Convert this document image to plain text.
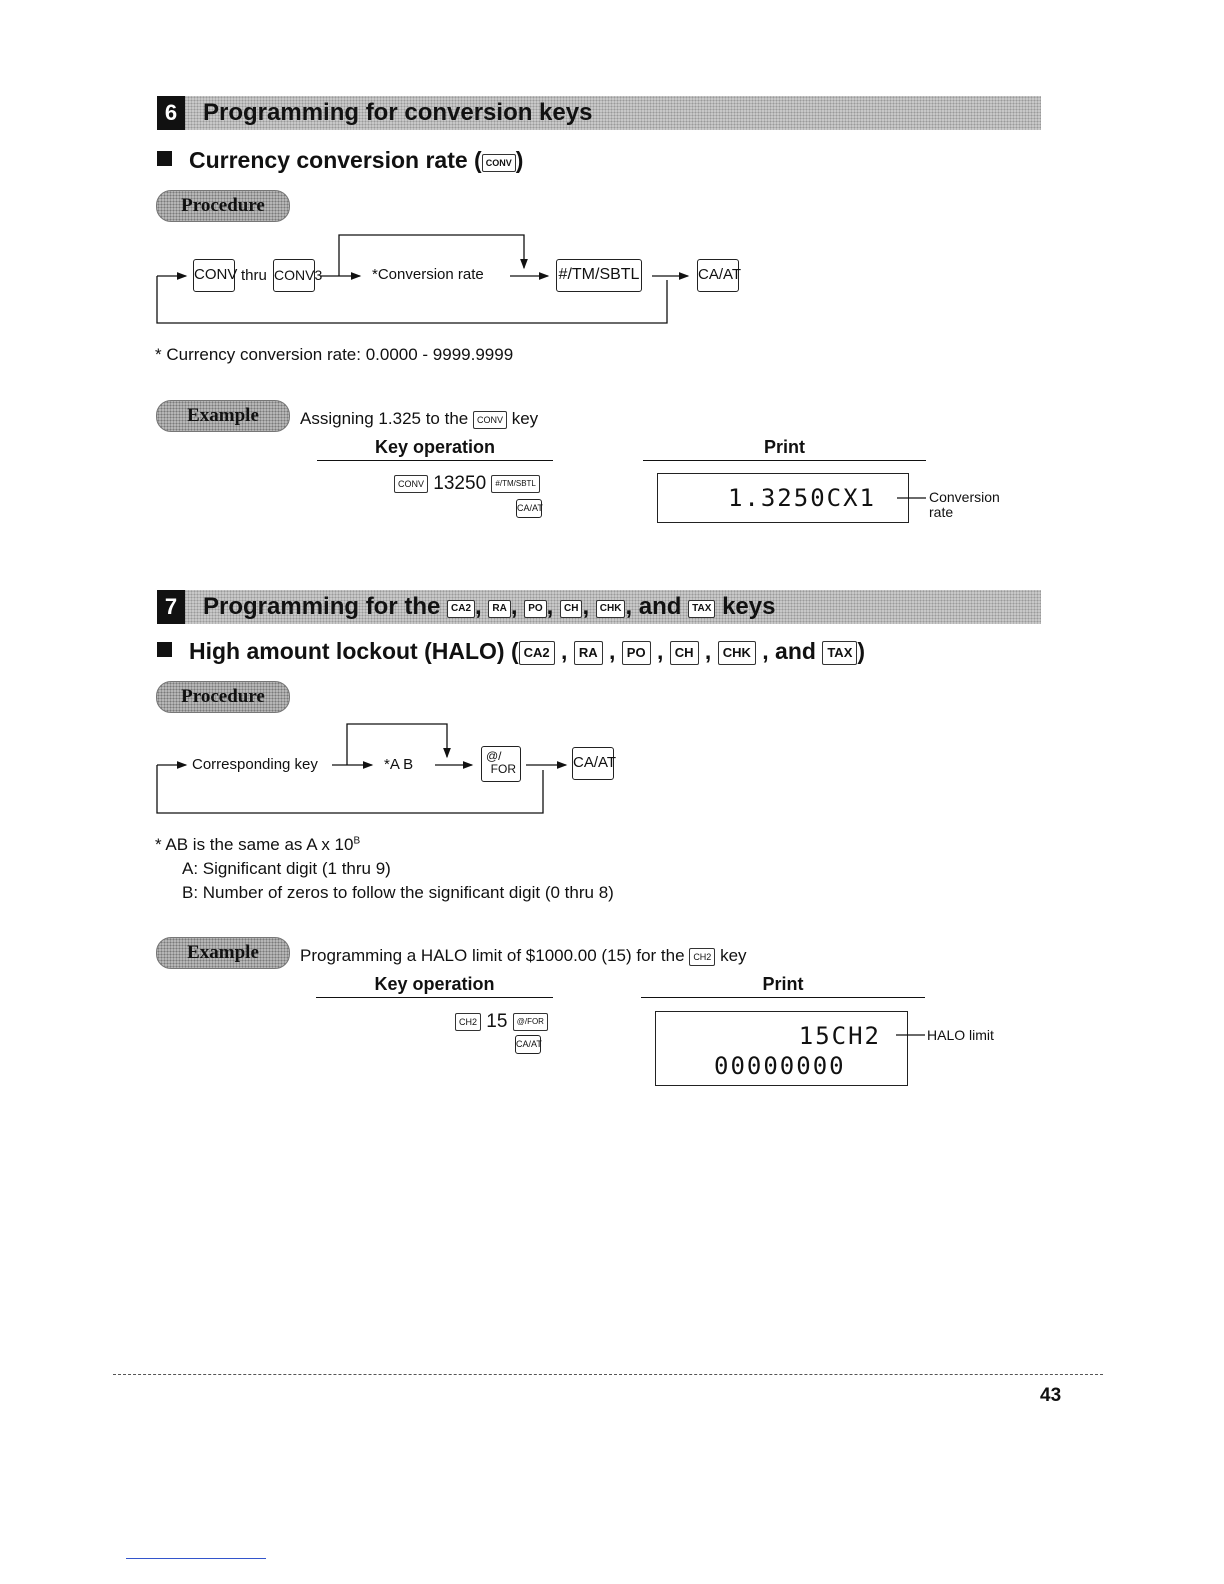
6	Programming for conversion keys
Currency conversion rate ( CONV )
Procedure
CONV thru CONV3	*Conversion rate	#/TM/SBTL	CA/AT
* Currency conversion rate: 0.0000 - 9999.9999
Example	Assigning 1.325 to the CONV key
Key operation	Print
CONV 13250 #/TM/SBTL
CA/AT	1.3250CX1	Conversion
rate
7	Programming for the CA2 , RA , PO , CH , CHK , and TAX keys
High amount lockout (HALO) ( CA2 , RA , PO , CH , CHK , and TAX )
Procedure
Corresponding key	*A B	@/
FOR	CA/AT
* AB is the same as A x $10^B$
A: Significant digit (1 thru 9)
B: Number of zeros to follow the significant digit (0 thru 8)
Example	Programming a HALO limit of $1000.00 (15) for the CH2 key
Key operation	Print
CH2 15 @/FOR
CA/AT	15CH2
00000000
HALO limit
43
